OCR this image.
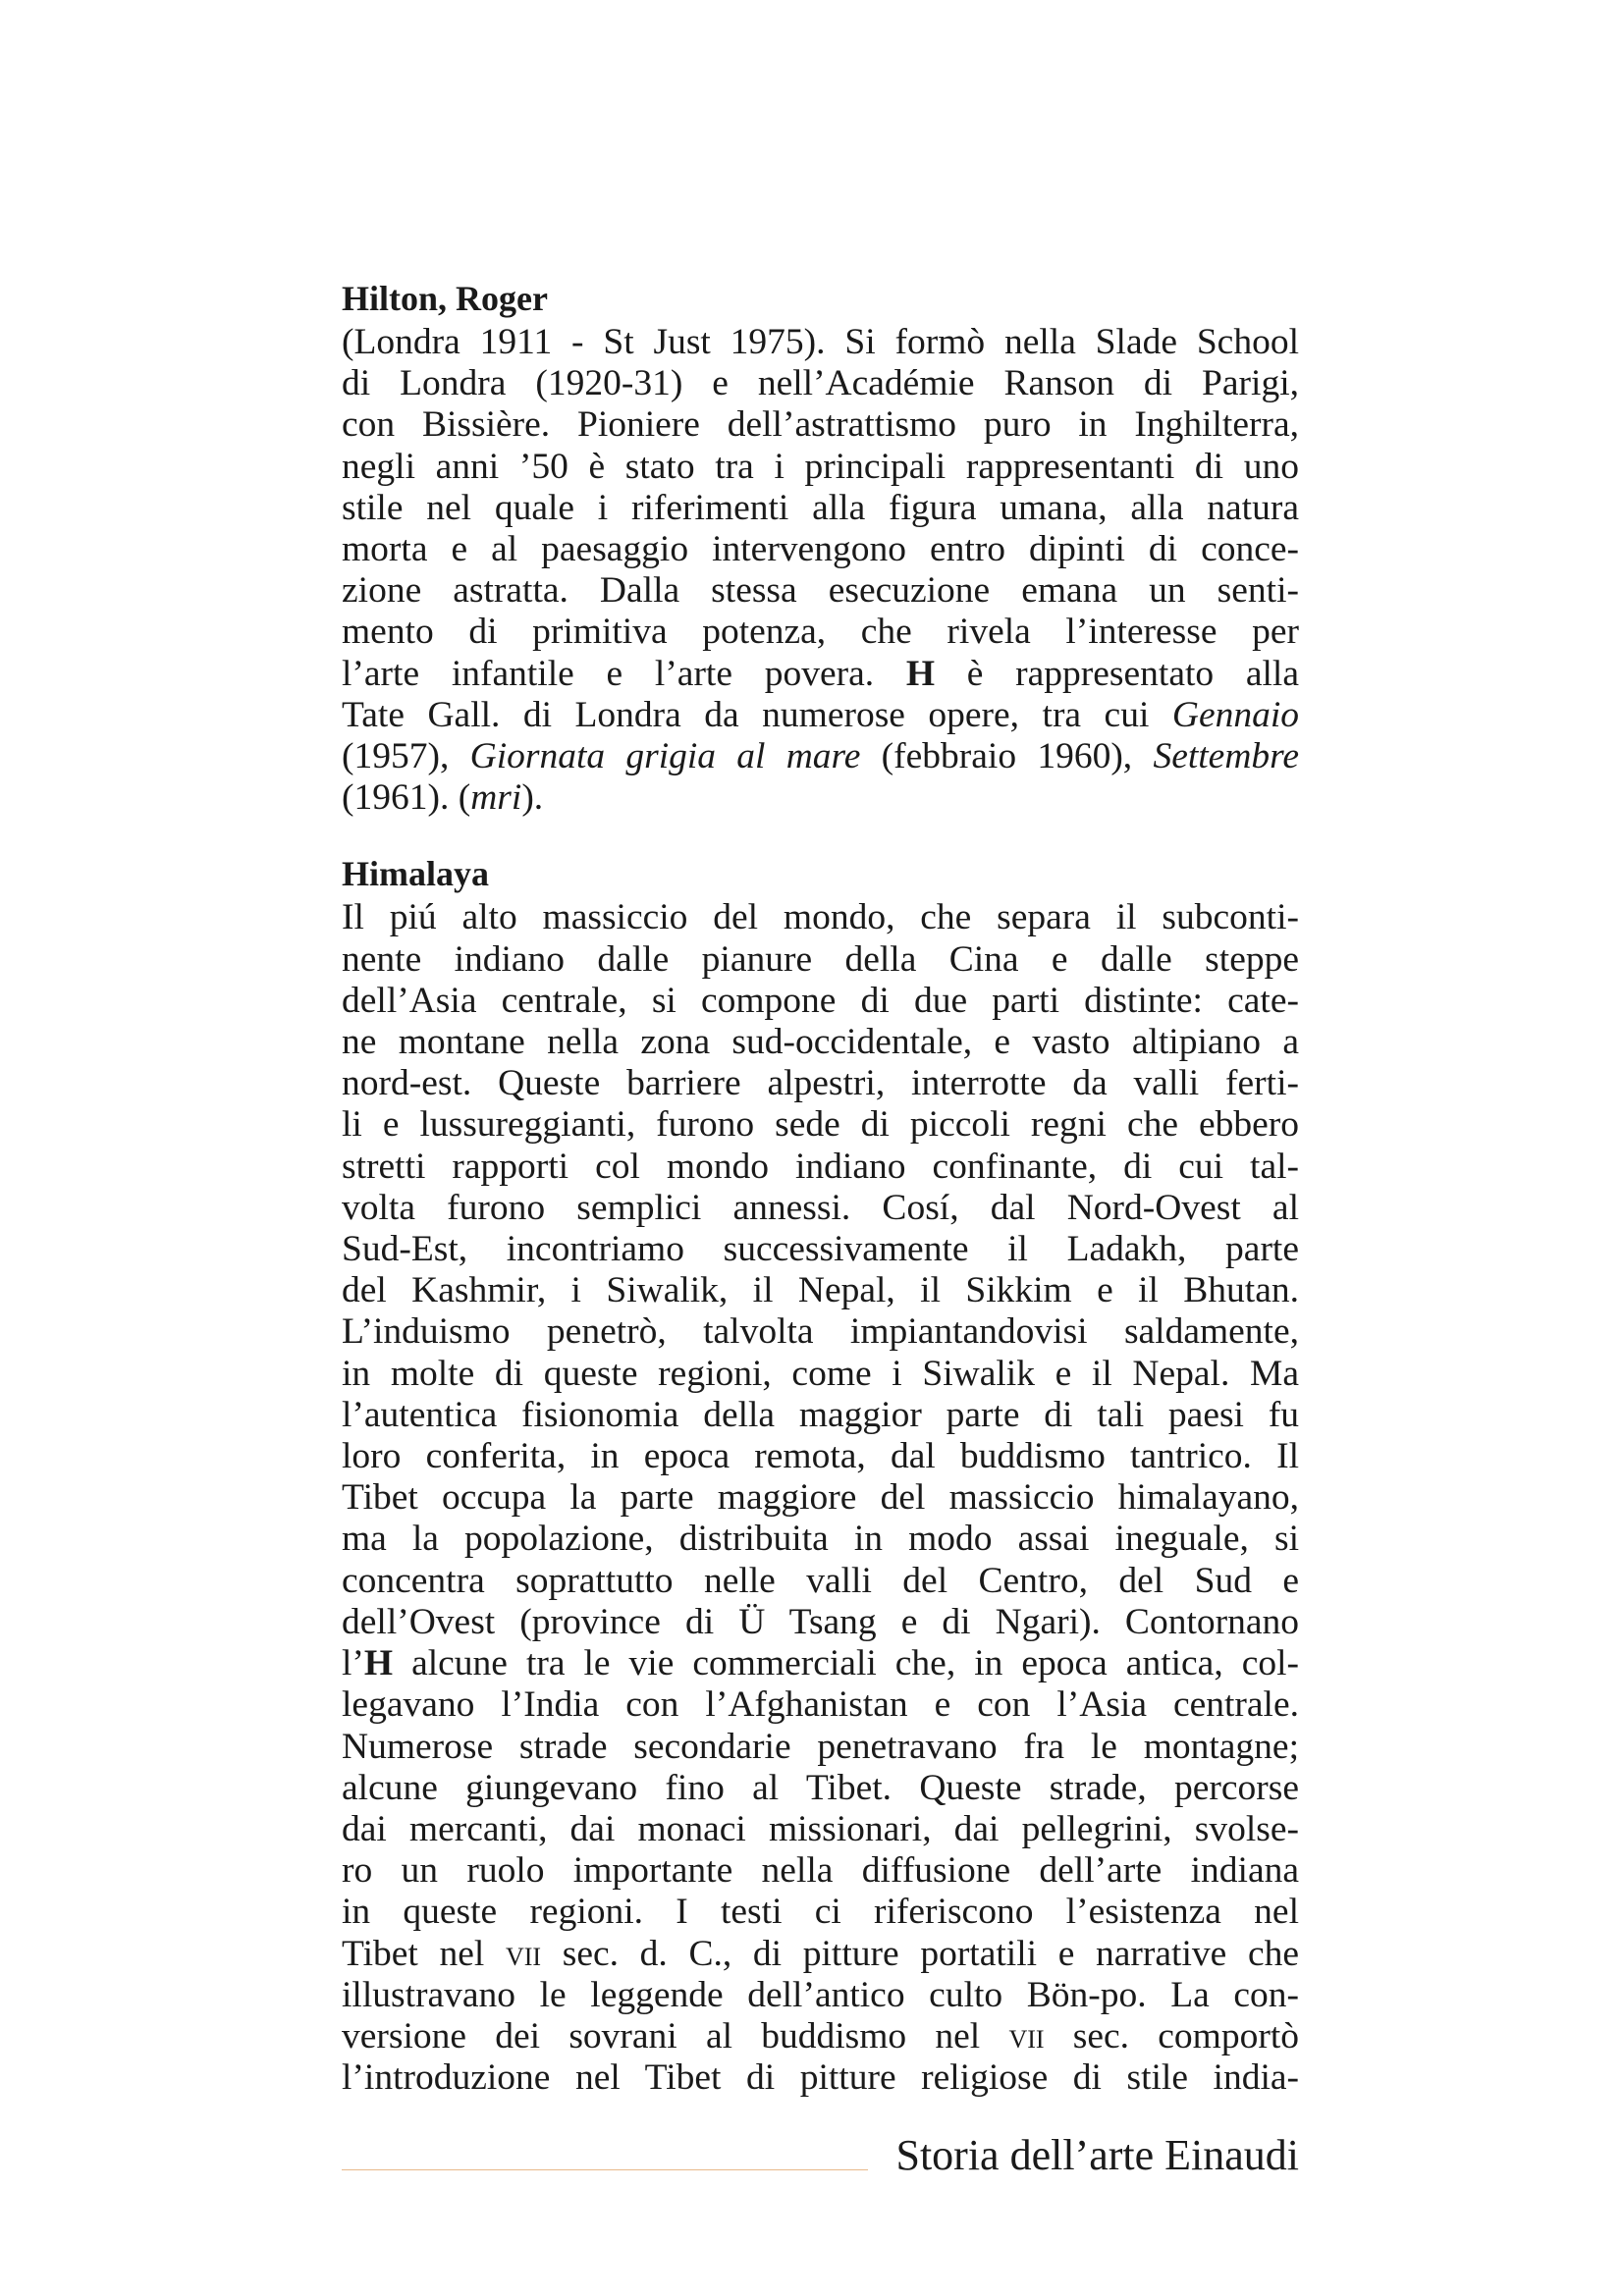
Hilton, Roger
(Londra 1911 - St Just 1975). Si formò nella Slade School
di Londra (1920-31) e nell’Académie Ranson di Parigi,
con Bissière. Pioniere dell’astrattismo puro in Inghilterra,
negli anni ’50 è stato tra i principali rappresentanti di uno
stile nel quale i riferimenti alla figura umana, alla natura
morta e al paesaggio intervengono entro dipinti di conce-
zione astratta. Dalla stessa esecuzione emana un senti-
mento di primitiva potenza, che rivela l’interesse per
l’arte infantile e l’arte povera. H è rappresentato alla
Tate Gall. di Londra da numerose opere, tra cui Gennaio
(1957), Giornata grigia al mare (febbraio 1960), Settembre
(1961). (mri).
Himalaya
Il piú alto massiccio del mondo, che separa il subconti-
nente indiano dalle pianure della Cina e dalle steppe
dell’Asia centrale, si compone di due parti distinte: cate-
ne montane nella zona sud-occidentale, e vasto altipiano a
nord-est. Queste barriere alpestri, interrotte da valli ferti-
li e lussureggianti, furono sede di piccoli regni che ebbero
stretti rapporti col mondo indiano confinante, di cui tal-
volta furono semplici annessi. Cosí, dal Nord-Ovest al
Sud-Est, incontriamo successivamente il Ladakh, parte
del Kashmir, i Siwalik, il Nepal, il Sikkim e il Bhutan.
L’induismo penetrò, talvolta impiantandovisi saldamente,
in molte di queste regioni, come i Siwalik e il Nepal. Ma
l’autentica fisionomia della maggior parte di tali paesi fu
loro conferita, in epoca remota, dal buddismo tantrico. Il
Tibet occupa la parte maggiore del massiccio himalayano,
ma la popolazione, distribuita in modo assai ineguale, si
concentra soprattutto nelle valli del Centro, del Sud e
dell’Ovest (province di Ü Tsang e di Ngari). Contornano
l’H alcune tra le vie commerciali che, in epoca antica, col-
legavano l’India con l’Afghanistan e con l’Asia centrale.
Numerose strade secondarie penetravano fra le montagne;
alcune giungevano fino al Tibet. Queste strade, percorse
dai mercanti, dai monaci missionari, dai pellegrini, svolse-
ro un ruolo importante nella diffusione dell’arte indiana
in queste regioni. I testi ci riferiscono l’esistenza nel
Tibet nel vii sec. d. C., di pitture portatili e narrative che
illustravano le leggende dell’antico culto Bön-po. La con-
versione dei sovrani al buddismo nel vii sec. comportò
l’introduzione nel Tibet di pitture religiose di stile india-
Storia dell’arte Einaudi
